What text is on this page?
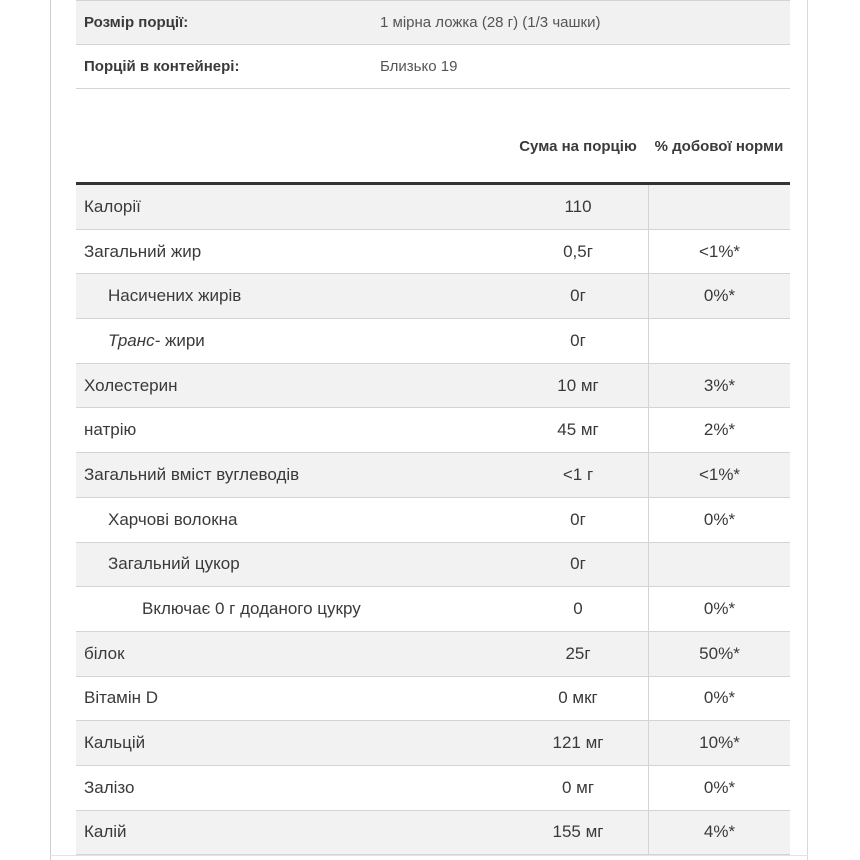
Розмір порції:	1 мірна ложка (28 г) (1/3 чашки)
Порцій в контейнері:	Близько 19
Сума на порцію	% добової норми
Калорії	110
Загальний жир	0,5г	<1%*
Насичених жирів	0г	0%*
Транс- жири	0г
Холестерин	10 мг	3%*
натрію	45 мг	2%*
Загальний вміст вуглеводів	<1 г	<1%*
Харчові волокна	0г	0%*
Загальний цукор	0г
Включає 0 г доданого цукру	0	0%*
білок	25г	50%*
Вітамін D	0 мкг	0%*
Кальцій	121 мг	10%*
Залізо	0 мг	0%*
Калій	155 мг	4%*
